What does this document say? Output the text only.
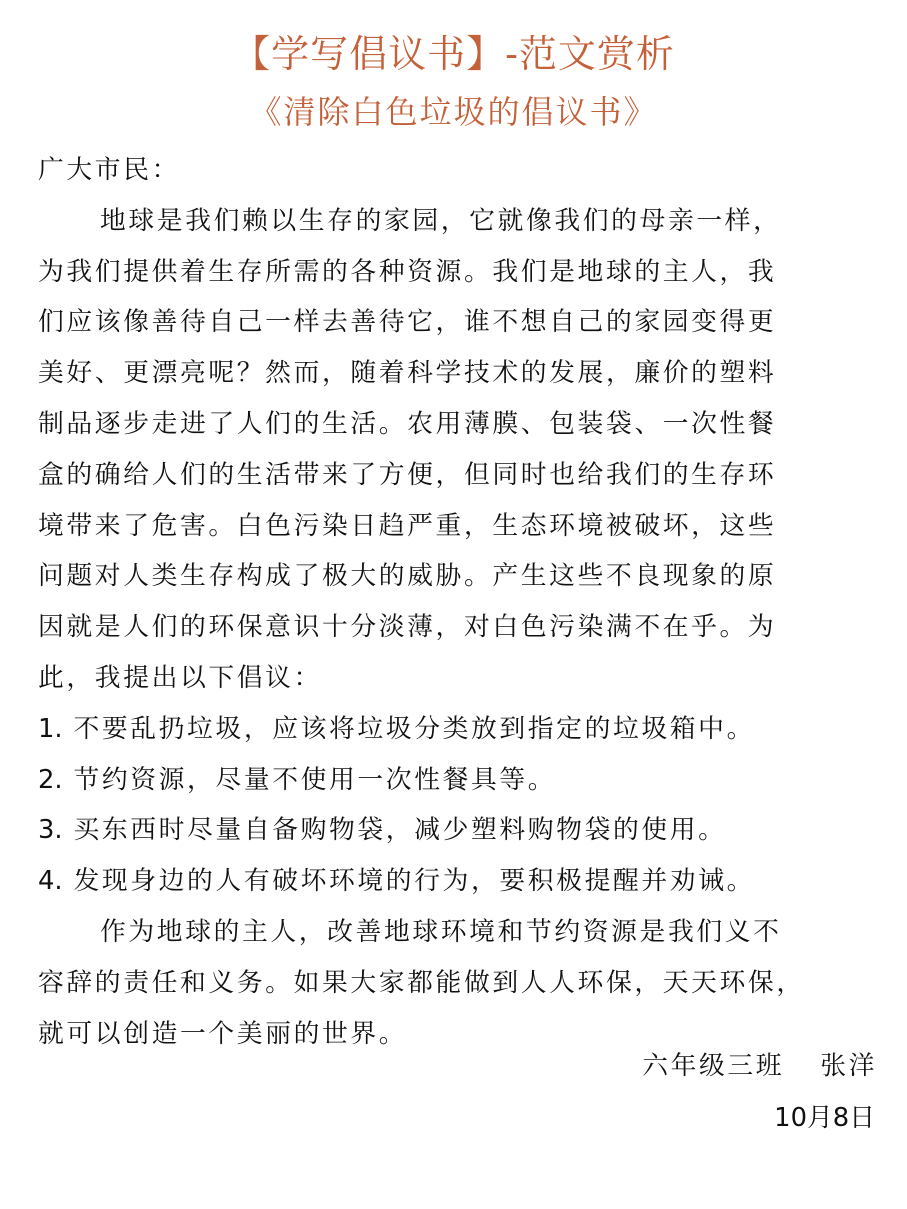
【学写倡议书】-范文赏析
《清除白色垃圾的倡议书》
广大市民：
地球是我们赖以生存的家园，它就像我们的母亲一样，
为我们提供着生存所需的各种资源。我们是地球的主人，我
们应该像善待自己一样去善待它，谁不想自己的家园变得更
美好、更漂亮呢？然而，随着科学技术的发展，廉价的塑料
制品逐步走进了人们的生活。农用薄膜、包装袋、一次性餐
盒的确给人们的生活带来了方便，但同时也给我们的生存环
境带来了危害。白色污染日趋严重，生态环境被破坏，这些
问题对人类生存构成了极大的威胁。产生这些不良现象的原
因就是人们的环保意识十分淡薄，对白色污染满不在乎。为
此，我提出以下倡议：
1. 不要乱扔垃圾，应该将垃圾分类放到指定的垃圾箱中。
2. 节约资源，尽量不使用一次性餐具等。
3. 买东西时尽量自备购物袋，减少塑料购物袋的使用。
4. 发现身边的人有破坏环境的行为，要积极提醒并劝诫。
作为地球的主人，改善地球环境和节约资源是我们义不
容辞的责任和义务。如果大家都能做到人人环保，天天环保，
就可以创造一个美丽的世界。
六年级三班 张洋
10月8日
